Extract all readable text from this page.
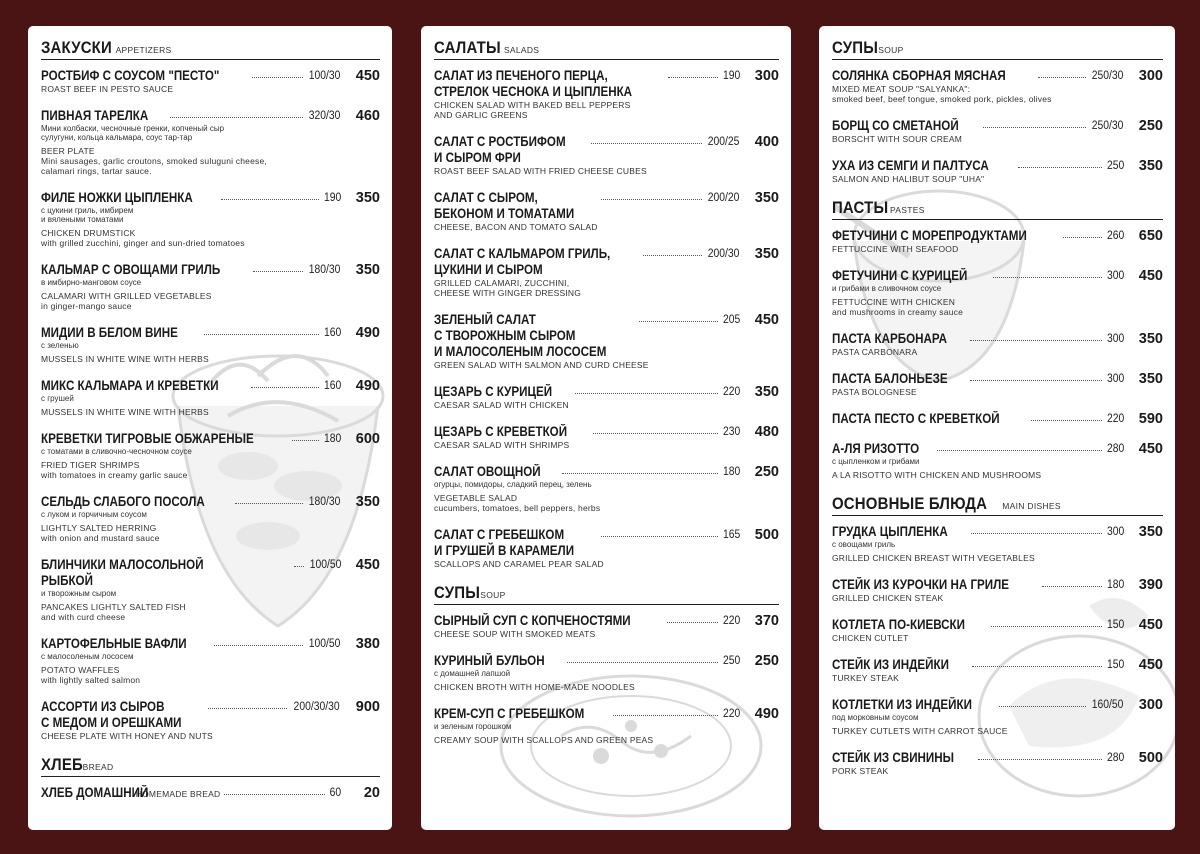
ЗАКУСКИ APPETIZERS
РОСТБИФ С СОУСОМ "ПЕСТО"	100/30	450
ROAST BEEF IN PESTO SAUCE
ПИВНАЯ ТАРЕЛКА	320/30	460
Мини колбаски, чесночные гренки, копченый сыр
сулугуни, кольца кальмара, соус тар-тар
BEER PLATE
Mini sausages, garlic croutons, smoked suluguni cheese,
calamari rings, tartar sauce.
ФИЛЕ НОЖКИ ЦЫПЛЕНКА	190	350
с цукини гриль, имбирем
и вялеными томатами
CHICKEN DRUMSTICK
with grilled zucchini, ginger and sun-dried tomatoes
КАЛЬМАР С ОВОЩАМИ ГРИЛЬ	180/30	350
в имбирно-манговом соусе
CALAMARI WITH GRILLED VEGETABLES
in ginger-mango sauce
МИДИИ В БЕЛОМ ВИНЕ	160	490
с зеленью
MUSSELS IN WHITE WINE WITH HERBS
МИКС КАЛЬМАРА И КРЕВЕТКИ	160	490
с грушей
MUSSELS IN WHITE WINE WITH HERBS
КРЕВЕТКИ ТИГРОВЫЕ ОБЖАРЕНЫЕ	180	600
с томатами в сливочно-чесночном соусе
FRIED TIGER SHRIMPS
with tomatoes in creamy garlic sauce
СЕЛЬДЬ СЛАБОГО ПОСОЛА	180/30	350
с луком и горчичным соусом
LIGHTLY SALTED HERRING
with onion and mustard sauce
БЛИНЧИКИ МАЛОСОЛЬНОЙ РЫБКОЙ
100/50	450
и творожным сыром
PANCAKES LIGHTLY SALTED FISH
and with curd cheese
КАРТОФЕЛЬНЫЕ ВАФЛИ	100/50	380
с малосоленым лососем
POTATO WAFFLES
with lightly salted salmon
АССОРТИ ИЗ СЫРОВ
С МЕДОМ И ОРЕШКАМИ
200/30/30	900
CHEESE PLATE WITH HONEY AND NUTS
ХЛЕБ BREAD
ХЛЕБ ДОМАШНИЙ
HOMEMADE BREAD	60	20
САЛАТЫ SALADS
САЛАТ ИЗ ПЕЧЕНОГО ПЕРЦА,
СТРЕЛОК ЧЕСНОКА И ЦЫПЛЕНКА
190	300
CHICKEN SALAD WITH BAKED BELL PEPPERS
AND GARLIC GREENS
САЛАТ С РОСТБИФОМ
И СЫРОМ ФРИ
200/25	400
ROAST BEEF SALAD WITH FRIED CHEESE CUBES
САЛАТ С СЫРОМ,
БЕКОНОМ И ТОМАТАМИ
200/20	350
CHEESE, BACON AND TOMATO SALAD
САЛАТ С КАЛЬМАРОМ ГРИЛЬ,
ЦУКИНИ И СЫРОМ
200/30	350
GRILLED CALAMARI, ZUCCHINI,
CHEESE WITH GINGER DRESSING
ЗЕЛЕНЫЙ САЛАТ
С ТВОРОЖНЫМ СЫРОМ
И МАЛОСОЛЕНЫМ ЛОСОСЕМ
205	450
GREEN SALAD WITH SALMON AND CURD CHEESE
ЦЕЗАРЬ С КУРИЦЕЙ	220	350
CAESAR SALAD WITH CHICKEN
ЦЕЗАРЬ С КРЕВЕТКОЙ	230	480
CAESAR SALAD WITH SHRIMPS
САЛАТ ОВОЩНОЙ	180	250
огурцы, помидоры, сладкий перец, зелень
VEGETABLE SALAD
cucumbers, tomatoes, bell peppers, herbs
САЛАТ С ГРЕБЕШКОМ
И ГРУШЕЙ В КАРАМЕЛИ
165	500
SCALLOPS AND CARAMEL PEAR SALAD
СУПЫ SOUP
СЫРНЫЙ СУП С КОПЧЕНОСТЯМИ	220	370
CHEESE SOUP WITH SMOKED MEATS
КУРИНЫЙ БУЛЬОН	250	250
с домашней лапшой
CHICKEN BROTH WITH HOME-MADE NOODLES
КРЕМ-СУП С ГРЕБЕШКОМ	220	490
и зеленым горошком
CREAMY SOUP WITH SCALLOPS AND GREEN PEAS
СУПЫ SOUP
СОЛЯНКА СБОРНАЯ МЯСНАЯ	250/30	300
MIXED MEAT SOUP "SALYANKA":
smoked beef, beef tongue, smoked pork, pickles, olives
БОРЩ СО СМЕТАНОЙ	250/30	250
BORSCHT WITH SOUR CREAM
УХА ИЗ СЕМГИ И ПАЛТУСА	250	350
SALMON AND HALIBUT SOUP "UHA"
ПАСТЫ PASTES
ФЕТУЧИНИ С МОРЕПРОДУКТАМИ	260	650
FETTUCCINE WITH SEAFOOD
ФЕТУЧИНИ С КУРИЦЕЙ	300	450
и грибами в сливочном соусе
FETTUCCINE WITH CHICKEN
and mushrooms in creamy sauce
ПАСТА КАРБОНАРА	300	350
PASTA CARBONARA
ПАСТА БАЛОНЬЕЗЕ	300	350
PASTA BOLOGNESE
ПАСТА ПЕСТО С КРЕВЕТКОЙ	220	590
А-ЛЯ РИЗОТТО	280	450
с цыпленком и грибами
A LA RISOTTO WITH CHICKEN AND MUSHROOMS
ОСНОВНЫЕ БЛЮДА MAIN DISHES
ГРУДКА ЦЫПЛЕНКА	300	350
с овощами гриль
GRILLED CHICKEN BREAST WITH VEGETABLES
СТЕЙК ИЗ КУРОЧКИ НА ГРИЛЕ	180	390
GRILLED CHICKEN STEAK
КОТЛЕТА ПО-КИЕВСКИ	150	450
CHICKEN CUTLET
СТЕЙК ИЗ ИНДЕЙКИ	150	450
TURKEY STEAK
КОТЛЕТКИ ИЗ ИНДЕЙКИ	160/50	300
под морковным соусом
TURKEY CUTLETS WITH CARROT SAUCE
СТЕЙК ИЗ СВИНИНЫ	280	500
PORK STEAK
